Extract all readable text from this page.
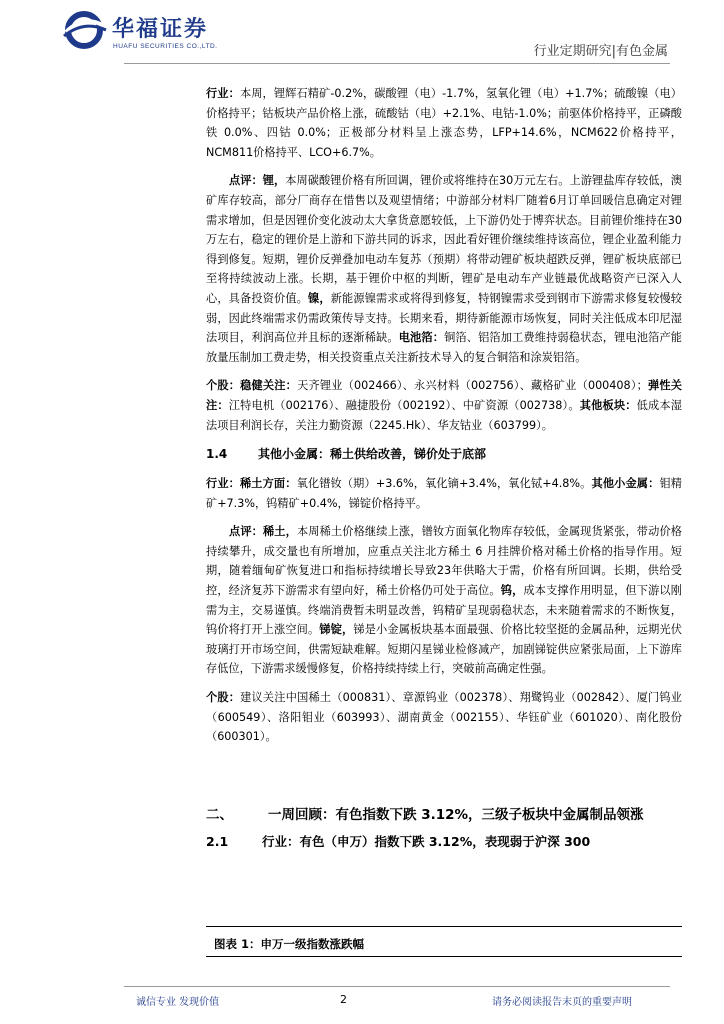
华福证券
HUAFU SECURITIES CO.,LTD.	行业定期研究|有色金属

行业：本周，锂辉石精矿-0.2%，碳酸锂（电）-1.7%，氢氧化锂（电）+1.7%；硫酸镍（电）价格持平；钴板块产品价格上涨，硫酸钴（电）+2.1%、电钴-1.0%；前驱体价格持平，正磷酸铁 0.0%、四钴 0.0%；正极部分材料呈上涨态势，LFP+14.6%，NCM622价格持平，NCM811价格持平、LCO+6.7%。

点评：锂，本周碳酸锂价格有所回调，锂价或将维持在30万元左右。上游锂盐库存较低，澳矿库存较高，部分厂商存在惜售以及观望情绪；中游部分材料厂随着6月订单回暖信息确定对锂需求增加，但是因锂价变化波动太大拿货意愿较低，上下游仍处于博弈状态。目前锂价维持在30万左右，稳定的锂价是上游和下游共同的诉求，因此看好锂价继续维持该高位，锂企业盈利能力得到修复。短期，锂价反弹叠加电动车复苏（预期）将带动锂矿板块超跌反弹，锂矿板块底部已至将持续波动上涨。长期，基于锂价中枢的判断，锂矿是电动车产业链最优战略资产已深入人心，具备投资价值。镍，新能源镍需求或将得到修复，特钢镍需求受到钢市下游需求修复较慢较弱，因此终端需求仍需政策传导支持。长期来看，期待新能源市场恢复，同时关注低成本印尼湿法项目，利润高位并且标的逐渐稀缺。电池箔：铜箔、铝箔加工费维持弱稳状态，锂电池箔产能放量压制加工费走势，相关投资重点关注新技术导入的复合铜箔和涂炭铝箔。

个股：稳健关注：天齐锂业（002466）、永兴材料（002756）、藏格矿业（000408）；弹性关注：江特电机（002176）、融捷股份（002192）、中矿资源（002738）。其他板块：低成本湿法项目利润长存，关注力勤资源（2245.Hk）、华友钴业（603799）。

1.4	其他小金属：稀土供给改善，锑价处于底部

行业：稀土方面：氧化镨钕（期）+3.6%，氧化镝+3.4%，氧化铽+4.8%。其他小金属：钼精矿+7.3%，钨精矿+0.4%，锑锭价格持平。

点评：稀土，本周稀土价格继续上涨，镨钕方面氧化物库存较低，金属现货紧张，带动价格持续攀升，成交量也有所增加，应重点关注北方稀土 6 月挂牌价格对稀土价格的指导作用。短期，随着缅甸矿恢复进口和指标持续增长导致23年供略大于需，价格有所回调。长期，供给受控，经济复苏下游需求有望向好，稀土价格仍可处于高位。钨，成本支撑作用明显，但下游以刚需为主，交易谨慎。终端消费暂未明显改善，钨精矿呈现弱稳状态，未来随着需求的不断恢复，钨价将打开上涨空间。锑锭，锑是小金属板块基本面最强、价格比较坚挺的金属品种，远期光伏玻璃打开市场空间，供需短缺难解。短期闪星锑业检修减产，加剧锑锭供应紧张局面，上下游库存低位，下游需求缓慢修复，价格持续持续上行，突破前高确定性强。

个股：建议关注中国稀土（000831）、章源钨业（002378）、翔鹭钨业（002842）、厦门钨业（600549）、洛阳钼业（603993）、湖南黄金（002155）、华钰矿业（601020）、南化股份（600301）。

二、	一周回顾：有色指数下跌 3.12%，三级子板块中金属制品领涨
2.1	行业：有色（申万）指数下跌 3.12%，表现弱于沪深 300
图表 1：申万一级指数涨跌幅
诚信专业 发现价值	2	请务必阅读报告末页的重要声明
